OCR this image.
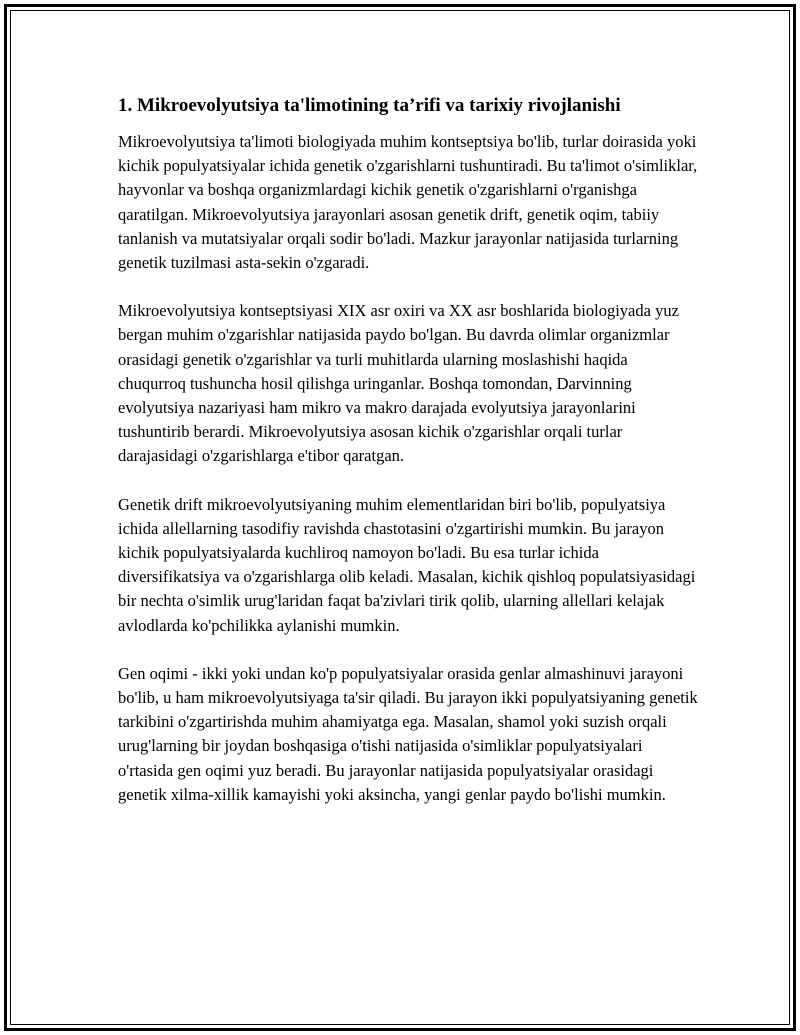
1. Mikroevolyutsiya ta'limotining ta’rifi va tarixiy rivojlanishi

Mikroevolyutsiya ta'limoti biologiyada muhim kontseptsiya bo'lib, turlar doirasida yoki kichik populyatsiyalar ichida genetik o'zgarishlarni tushuntiradi. Bu ta'limot o'simliklar, hayvonlar va boshqa organizmlardagi kichik genetik o'zgarishlarni o'rganishga qaratilgan. Mikroevolyutsiya jarayonlari asosan genetik drift, genetik oqim, tabiiy tanlanish va mutatsiyalar orqali sodir bo'ladi. Mazkur jarayonlar natijasida turlarning genetik tuzilmasi asta-sekin o'zgaradi.

Mikroevolyutsiya kontseptsiyasi XIX asr oxiri va XX asr boshlarida biologiyada yuz bergan muhim o'zgarishlar natijasida paydo bo'lgan. Bu davrda olimlar organizmlar orasidagi genetik o'zgarishlar va turli muhitlarda ularning moslashishi haqida chuqurroq tushuncha hosil qilishga uringanlar. Boshqa tomondan, Darvinning evolyutsiya nazariyasi ham mikro va makro darajada evolyutsiya jarayonlarini tushuntirib berardi. Mikroevolyutsiya asosan kichik o'zgarishlar orqali turlar darajasidagi o'zgarishlarga e'tibor qaratgan.

Genetik drift mikroevolyutsiyaning muhim elementlaridan biri bo'lib, populyatsiya ichida allellarning tasodifiy ravishda chastotasini o'zgartirishi mumkin. Bu jarayon kichik populyatsiyalarda kuchliroq namoyon bo'ladi. Bu esa turlar ichida diversifikatsiya va o'zgarishlarga olib keladi. Masalan, kichik qishloq populatsiyasidagi bir nechta o'simlik urug'laridan faqat ba'zivlari tirik qolib, ularning allellari kelajak avlodlarda ko'pchilikka aylanishi mumkin.

Gen oqimi - ikki yoki undan ko'p populyatsiyalar orasida genlar almashinuvi jarayoni bo'lib, u ham mikroevolyutsiyaga ta'sir qiladi. Bu jarayon ikki populyatsiyaning genetik tarkibini o'zgartirishda muhim ahamiyatga ega. Masalan, shamol yoki suzish orqali urug'larning bir joydan boshqasiga o'tishi natijasida o'simliklar populyatsiyalari o'rtasida gen oqimi yuz beradi. Bu jarayonlar natijasida populyatsiyalar orasidagi genetik xilma-xillik kamayishi yoki aksincha, yangi genlar paydo bo'lishi mumkin.
